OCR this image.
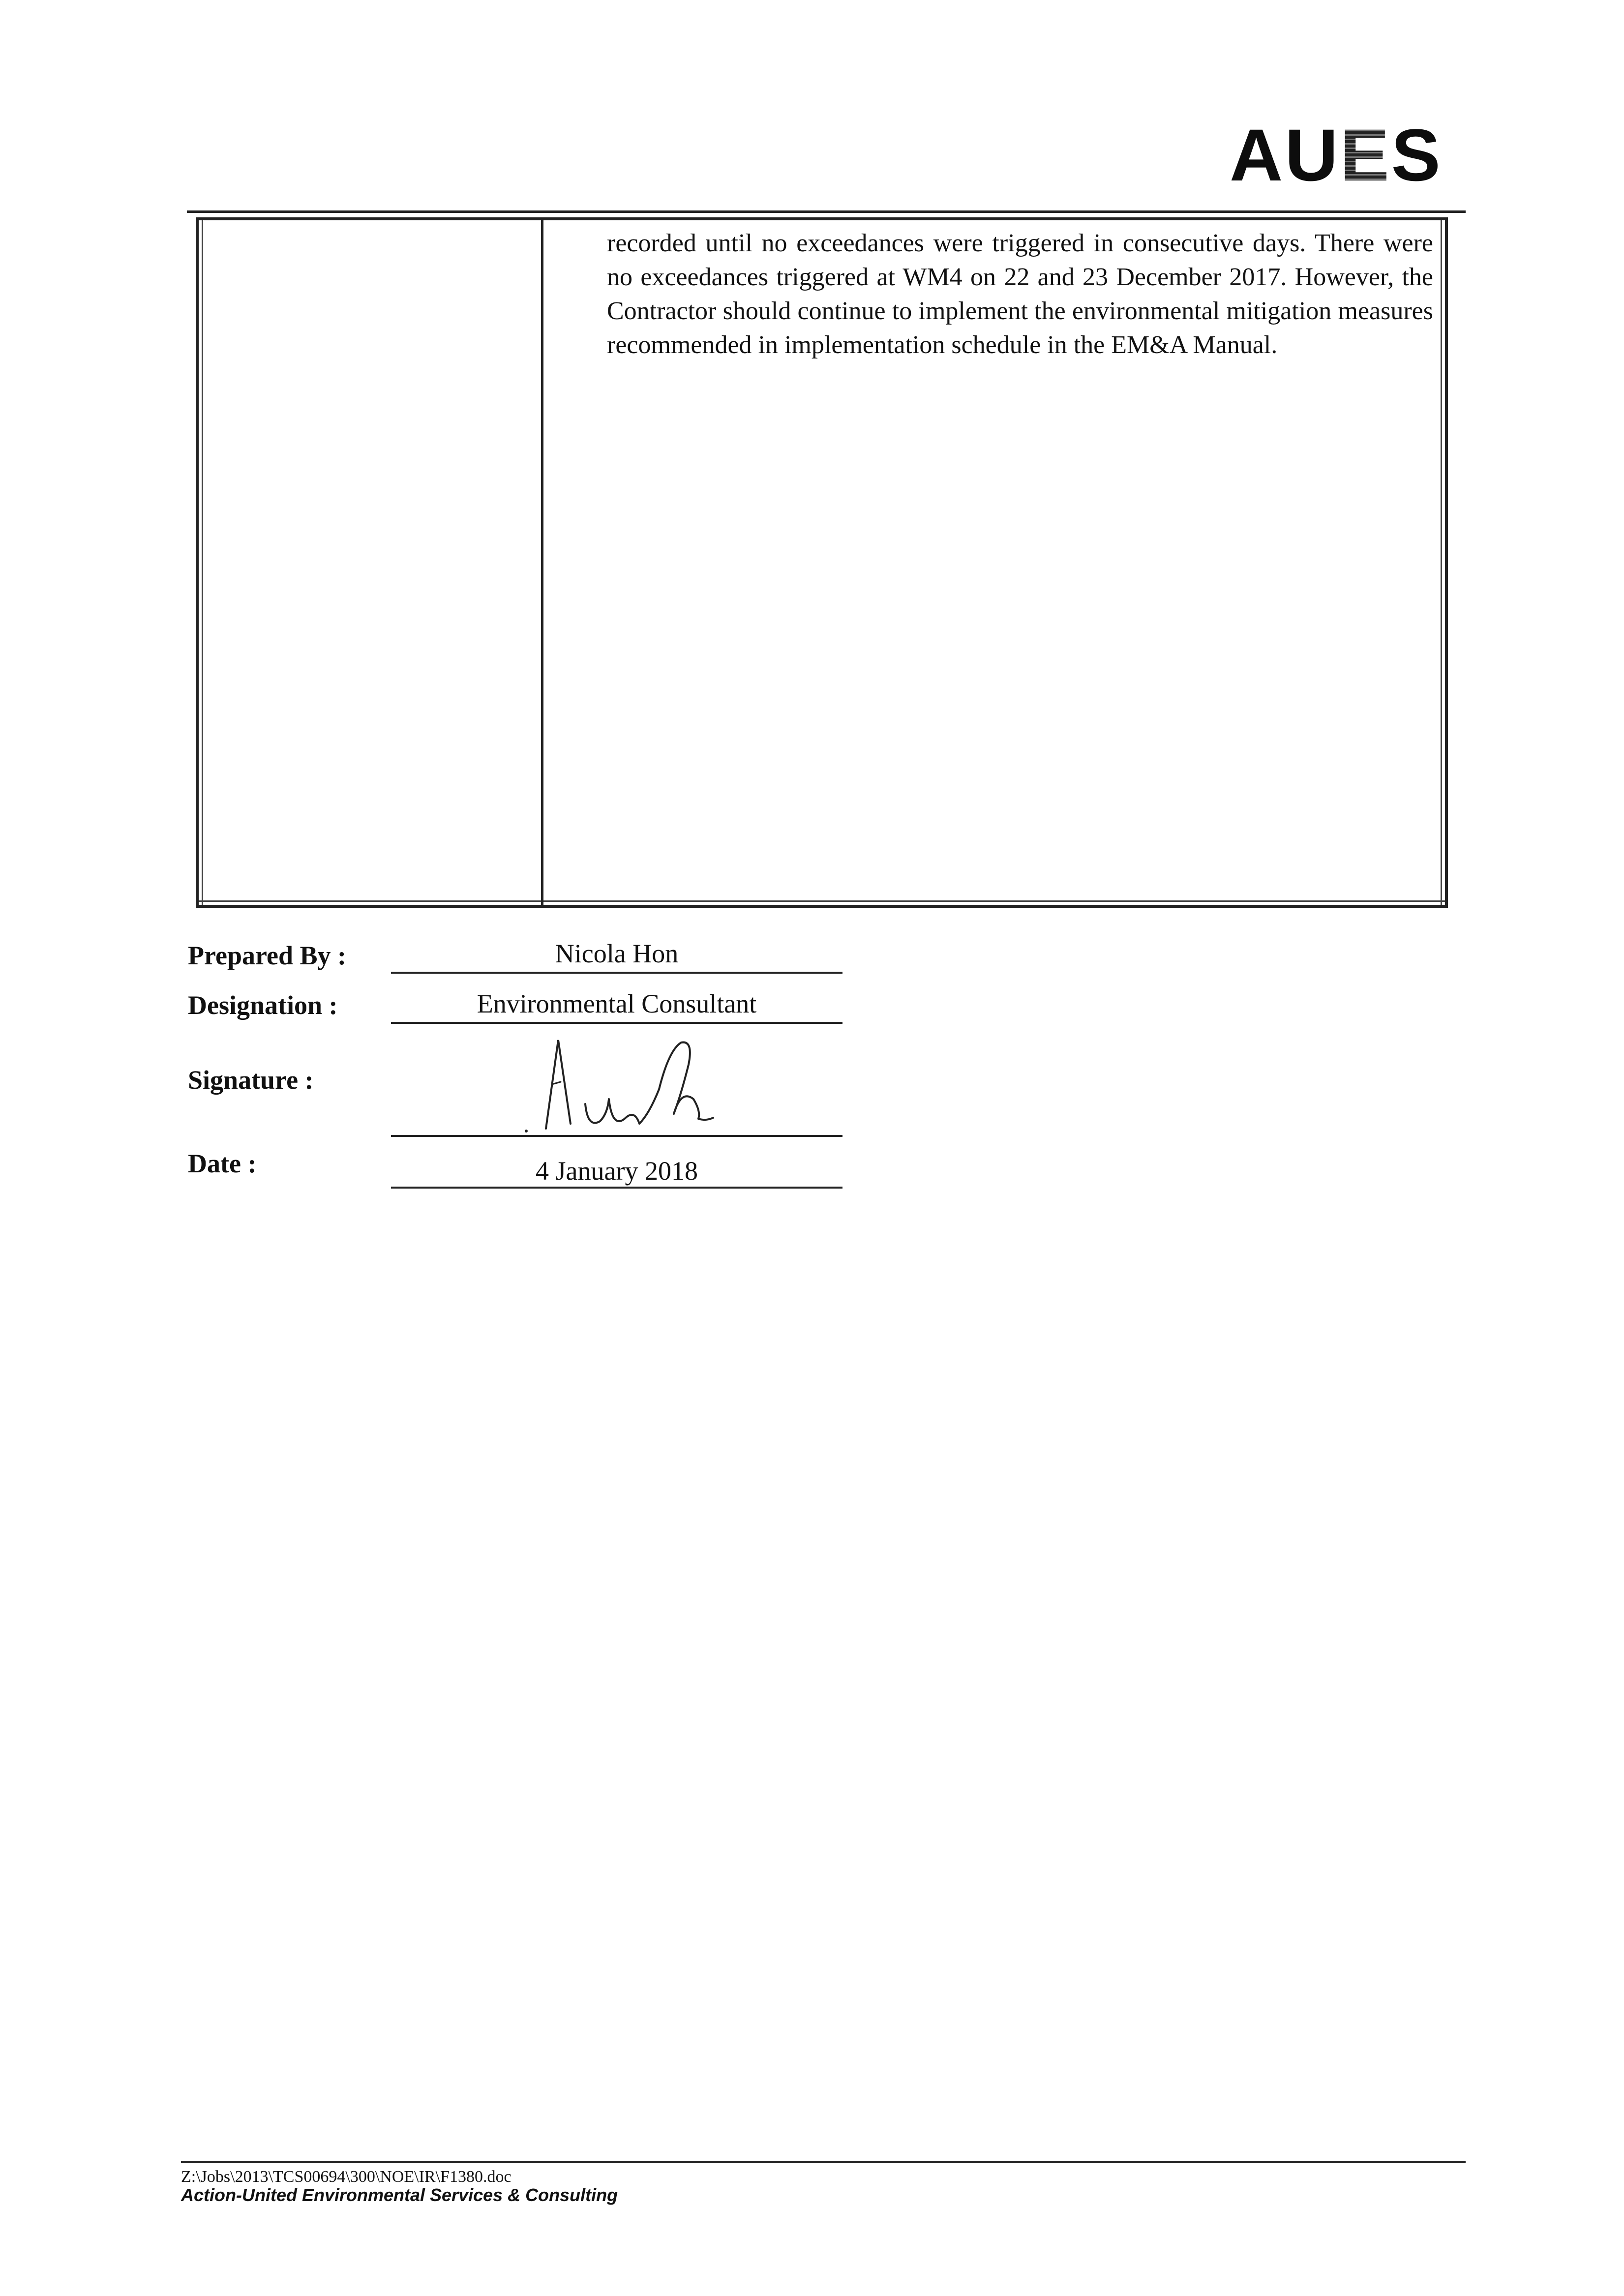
AUES
recorded until no exceedances were triggered in consecutive days. There were no exceedances triggered at WM4 on 22 and 23 December 2017. However, the Contractor should continue to implement the environmental mitigation measures recommended in implementation schedule in the EM&A Manual.
Prepared By :	Nicola Hon
Designation :	Environmental Consultant
Signature :
Date :	4 January 2018
Z:\Jobs\2013\TCS00694\300\NOE\IR\F1380.doc
Action-United Environmental Services & Consulting
